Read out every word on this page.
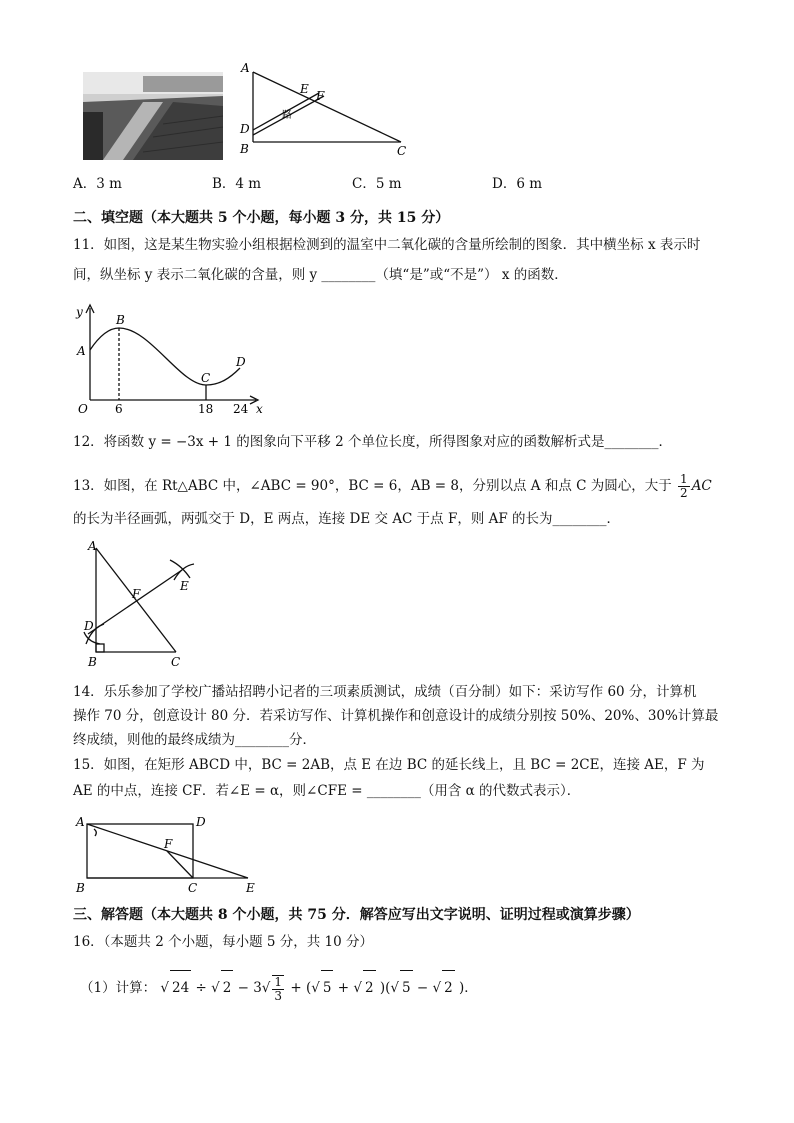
A
D
B	C
E F
路
A．3 m	B．4 m	C．5 m	D．6 m
二、填空题（本大题共 5 个小题，每小题 3 分，共 15 分）
11．如图，这是某生物实验小组根据检测到的温室中二氧化碳的含量所绘制的图象．其中横坐标 x 表示时
间，纵坐标 y 表示二氧化碳的含量，则 y ________（填“是”或“不是”） x 的函数．
y
x
O
A
B
C
D
6	18 24
12．将函数 y = −3x + 1 的图象向下平移 2 个单位长度，所得图象对应的函数解析式是________．
13．如图，在 Rt△ABC 中，∠ABC = 90°，BC = 6，AB = 8，分别以点 A 和点 C 为圆心，大于 $\frac{1}{2}$ AC
的长为半径画弧，两弧交于 D，E 两点，连接 DE 交 AC 于点 F，则 AF 的长为________．
A
D
B	C
F
E
14．乐乐参加了学校广播站招聘小记者的三项素质测试，成绩（百分制）如下：采访写作 60 分，计算机
操作 70 分，创意设计 80 分．若采访写作、计算机操作和创意设计的成绩分别按 50%、20%、30%计算最
终成绩，则他的最终成绩为________分．
15．如图，在矩形 ABCD 中，BC = 2AB，点 E 在边 BC 的延长线上，且 BC = 2CE，连接 AE，F 为
AE 的中点，连接 CF．若∠E = α，则∠CFE = ________（用含 α 的代数式表示）．
A	D
B	C	E
F
三、解答题（本大题共 8 个小题，共 75 分．解答应写出文字说明、证明过程或演算步骤）
16．（本题共 2 个小题，每小题 5 分，共 10 分）
（1）计算： √ 24 ÷ √ $2 - 3√ \frac{1}{3}$ + (√ 5 + √ 2 )(√ 5 − √ 2 )．
